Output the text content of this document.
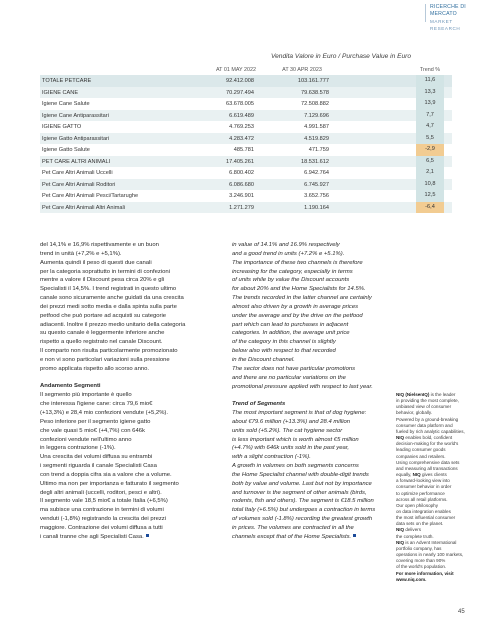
RICERCHE DI MERCATO
MARKET RESEARCH
Vendita Valore in Euro / Purchase Value in Euro
AT 01 MAY 2022	AT 30 APR 2023	Trend %
TOTALE PETCARE	92.412.008	103.161.777	11,6
IGIENE CANE	70.297.494	79.638.578	13,3
Igiene Cane Salute	63.678.005	72.508.882	13,9
Igiene Cane Antiparassitari	6.619.489	7.129.696	7,7
IGIENE GATTO	4.769.253	4.991.587	4,7
Igiene Gatto Antiparassitari	4.283.472	4.519.829	5,5
Igiene Gatto Salute	485.781	471.759	-2,9
PET CARE ALTRI ANIMALI	17.405.261	18.531.612	6,5
Pet Care Altri Animali Uccelli	6.800.402	6.942.764	2,1
Pet Care Altri Animali Roditori	6.086.680	6.745.927	10,8
Pet Care Altri Animali Pesci/Tartarughe	3.246.901	3.652.756	12,5
Pet Care Altri Animali Altri Animali	1.271.279	1.190.164	-6,4

del 14,1% e 16,9% rispettivamente e un buon

trend in unità (+7,2% e +5,1%).

Aumenta quindi il peso di questi due canali

per la categoria soprattutto in termini di confezioni

mentre a valore il Discount pesa circa 20% e gli

Specialisti il 14,5%. I trend registrati in questo ultimo

canale sono sicuramente anche guidati da una crescita

dei prezzi medi sotto media e dalla spinta sulla parte

petfood che può portare ad acquisti su categorie

adiacenti. Inoltre il prezzo medio unitario della categoria

su questo canale è leggermente inferiore anche

rispetto a quello registrato nel canale Discount.

Il comparto non risulta particolarmente promozionato

e non vi sono particolari variazioni sulla pressione

promo applicata rispetto allo scorso anno.

Andamento Segmenti

Il segmento più importante è quello

che interessa l'igiene cane: circa 79,6 mio€

(+13,3%) e 28,4 mio confezioni vendute (+5,2%).

Peso inferiore per il segmento igiene gatto

che vale quasi 5 mio€ (+4,7%) con 646k

confezioni vendute nell'ultimo anno

in leggera contrazione (-1%).

Una crescita dei volumi diffusa su entrambi

i segmenti riguarda il canale Specialisti Casa

con trend a doppia cifra sia a valore che a volume.

Ultimo ma non per importanza e fatturato il segmento

degli altri animali (uccelli, roditori, pesci e altri).

Il segmento vale 18,5 mio€ a totale Italia (+6,5%)

ma subisce una contrazione in termini di volumi

venduti (-1,8%) registrando la crescita dei prezzi

maggiore. Contrazione dei volumi diffusa a tutti

i canali tranne che agli Specialisti Casa.

in value of 14.1% and 16.9% respectively

and a good trend in units (+7.2% e +5.1%).

The importance of these two channels is therefore

increasing for the category, especially in terms

of units while by value the Discount accounts

for about 20% and the Home Specialists for 14.5%.

The trends recorded in the latter channel are certainly

almost also driven by a growth in average prices

under the average and by the drive on the petfood

part which can lead to purchases in adjacent

categories. In addition, the average unit price

of the category in this channel is slightly

below also with respect to that recorded

in the Discount channel.

The sector does not have particular promotions

and there are no particular variations on the

promotional pressure applied with respect to last year.

Trend of Segments

The most important segment is that of dog hygiene:

about €79.6 million (+13.3%) and 28.4 million

units sold (+5.2%). The cat hygiene sector

is less important which is worth almost €5 million

(+4.7%) with 646k units sold in the past year,

with a slight contraction (-1%).

A growth in volumes on both segments concerns

the Home Specialist channel with double-digit trends

both by value and volume. Last but not by importance

and turnover is the segment of other animals (birds,

rodents, fish and others). The segment is €18.5 million

total Italy (+6.5%) but undergoes a contraction in terms

of volumes sold (-1.8%) recording the greatest growth

in prices. The volumes are contracted in all the

channels except that of the Home Specialists.

NIQ (NielsenIQ) is the leader

in providing the most complete,

unbiased view of consumer

behavior, globally.

Powered by a ground-breaking

consumer data platform and

fueled by rich analytic capabilities,

NIQ enables bold, confident

decision-making for the world's

leading consumer goods

companies and retailers.

Using comprehensive data sets

and measuring all transactions

equally, NIQ gives clients

a forward-looking view into

consumer behavior in order

to optimize performance

across all retail platforms.

Our open philosophy

on data integration enables

the most influential consumer

data sets on the planet.

NIQ delivers

the complete truth.

NIQ is an Advent International

portfolio company, has

operations in nearly 100 markets,

covering more than 90%

of the world's population.

For more information, visit

www.niq.com.

45
